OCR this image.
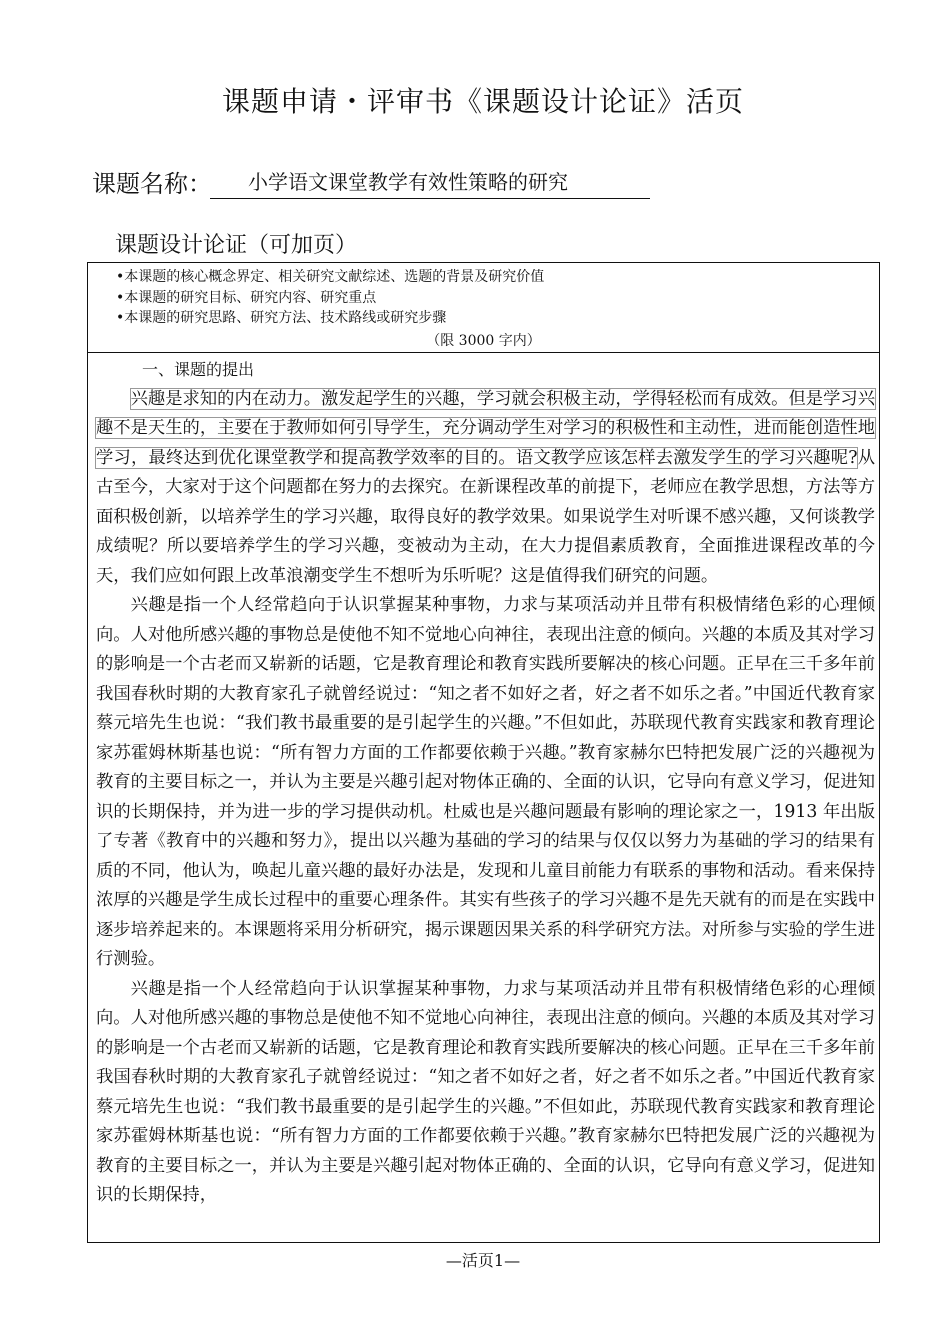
课题申请・评审书《课题设计论证》活页
课题名称：	小学语文课堂教学有效性策略的研究
课题设计论证（可加页）
•本课题的核心概念界定、相关研究文献综述、选题的背景及研究价值
•本课题的研究目标、研究内容、研究重点
•本课题的研究思路、研究方法、技术路线或研究步骤
（限 3000 字内）
一、课题的提出

兴趣是求知的内在动力。激发起学生的兴趣，学习就会积极主动，学得轻松而有成效。但是学习兴趣不是天生的，主要在于教师如何引导学生，充分调动学生对学习的积极性和主动性，进而能创造性地学习，最终达到优化课堂教学和提高教学效率的目的。语文教学应该怎样去激发学生的学习兴趣呢?从古至今，大家对于这个问题都在努力的去探究。在新课程改革的前提下，老师应在教学思想，方法等方面积极创新，以培养学生的学习兴趣，取得良好的教学效果。如果说学生对听课不感兴趣，又何谈教学成绩呢？所以要培养学生的学习兴趣，变被动为主动，在大力提倡素质教育，全面推进课程改革的今天，我们应如何跟上改革浪潮变学生不想听为乐听呢？这是值得我们研究的问题。

兴趣是指一个人经常趋向于认识掌握某种事物，力求与某项活动并且带有积极情绪色彩的心理倾向。人对他所感兴趣的事物总是使他不知不觉地心向神往，表现出注意的倾向。兴趣的本质及其对学习的影响是一个古老而又崭新的话题，它是教育理论和教育实践所要解决的核心问题。正早在三千多年前我国春秋时期的大教育家孔子就曾经说过：“知之者不如好之者，好之者不如乐之者。”中国近代教育家蔡元培先生也说：“我们教书最重要的是引起学生的兴趣。”不但如此，苏联现代教育实践家和教育理论家苏霍姆林斯基也说：“所有智力方面的工作都要依赖于兴趣。”教育家赫尔巴特把发展广泛的兴趣视为教育的主要目标之一，并认为主要是兴趣引起对物体正确的、全面的认识，它导向有意义学习，促进知识的长期保持，并为进一步的学习提供动机。杜威也是兴趣问题最有影响的理论家之一，1913 年出版了专著《教育中的兴趣和努力》，提出以兴趣为基础的学习的结果与仅仅以努力为基础的学习的结果有质的不同，他认为，唤起儿童兴趣的最好办法是，发现和儿童目前能力有联系的事物和活动。看来保持浓厚的兴趣是学生成长过程中的重要心理条件。其实有些孩子的学习兴趣不是先天就有的而是在实践中逐步培养起来的。本课题将采用分析研究，揭示课题因果关系的科学研究方法。对所参与实验的学生进行测验。

兴趣是指一个人经常趋向于认识掌握某种事物，力求与某项活动并且带有积极情绪色彩的心理倾向。人对他所感兴趣的事物总是使他不知不觉地心向神往，表现出注意的倾向。兴趣的本质及其对学习的影响是一个古老而又崭新的话题，它是教育理论和教育实践所要解决的核心问题。正早在三千多年前我国春秋时期的大教育家孔子就曾经说过：“知之者不如好之者，好之者不如乐之者。”中国近代教育家蔡元培先生也说：“我们教书最重要的是引起学生的兴趣。”不但如此，苏联现代教育实践家和教育理论家苏霍姆林斯基也说：“所有智力方面的工作都要依赖于兴趣。”教育家赫尔巴特把发展广泛的兴趣视为教育的主要目标之一，并认为主要是兴趣引起对物体正确的、全面的认识，它导向有意义学习，促进知识的长期保持，

—活页1—
